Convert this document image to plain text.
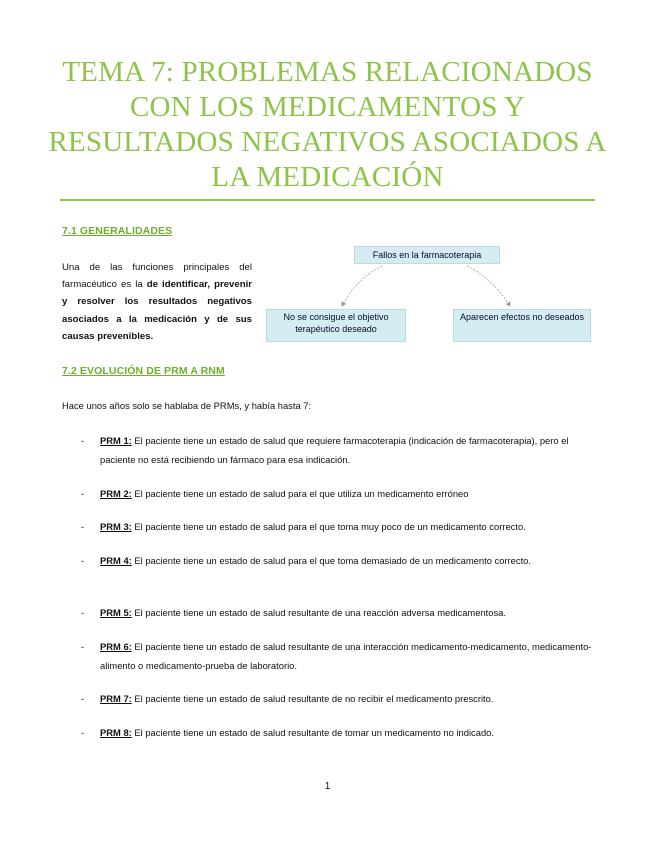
TEMA 7: PROBLEMAS RELACIONADOS CON LOS MEDICAMENTOS Y RESULTADOS NEGATIVOS ASOCIADOS A LA MEDICACIÓN
7.1 GENERALIDADES

Una de las funciones principales del farmacéutico es la de identificar, prevenir y resolver los resultados negativos asociados a la medicación y de sus causas prevenibles.

Fallos en la farmacoterapia
No se consigue el objetivo terapéutico deseado
Aparecen efectos no deseados
7.2 EVOLUCIÓN DE PRM A RNM

Hace unos años solo se hablaba de PRMs, y había hasta 7:

- PRM 1: El paciente tiene un estado de salud que requiere farmacoterapia (indicación de farmacoterapia), pero el paciente no está recibiendo un fármaco para esa indicación.
- PRM 2: El paciente tiene un estado de salud para el que utiliza un medicamento erróneo
- PRM 3: El paciente tiene un estado de salud para el que toma muy poco de un medicamento correcto.
- PRM 4: El paciente tiene un estado de salud para el que toma demasiado de un medicamento correcto.
- PRM 5: El paciente tiene un estado de salud resultante de una reacción adversa medicamentosa.
- PRM 6: El paciente tiene un estado de salud resultante de una interacción medicamento-medicamento, medicamento-alimento o medicamento-prueba de laboratorio.
- PRM 7: El paciente tiene un estado de salud resultante de no recibir el medicamento prescrito.
- PRM 8: El paciente tiene un estado de salud resultante de tomar un medicamento no indicado.
1
